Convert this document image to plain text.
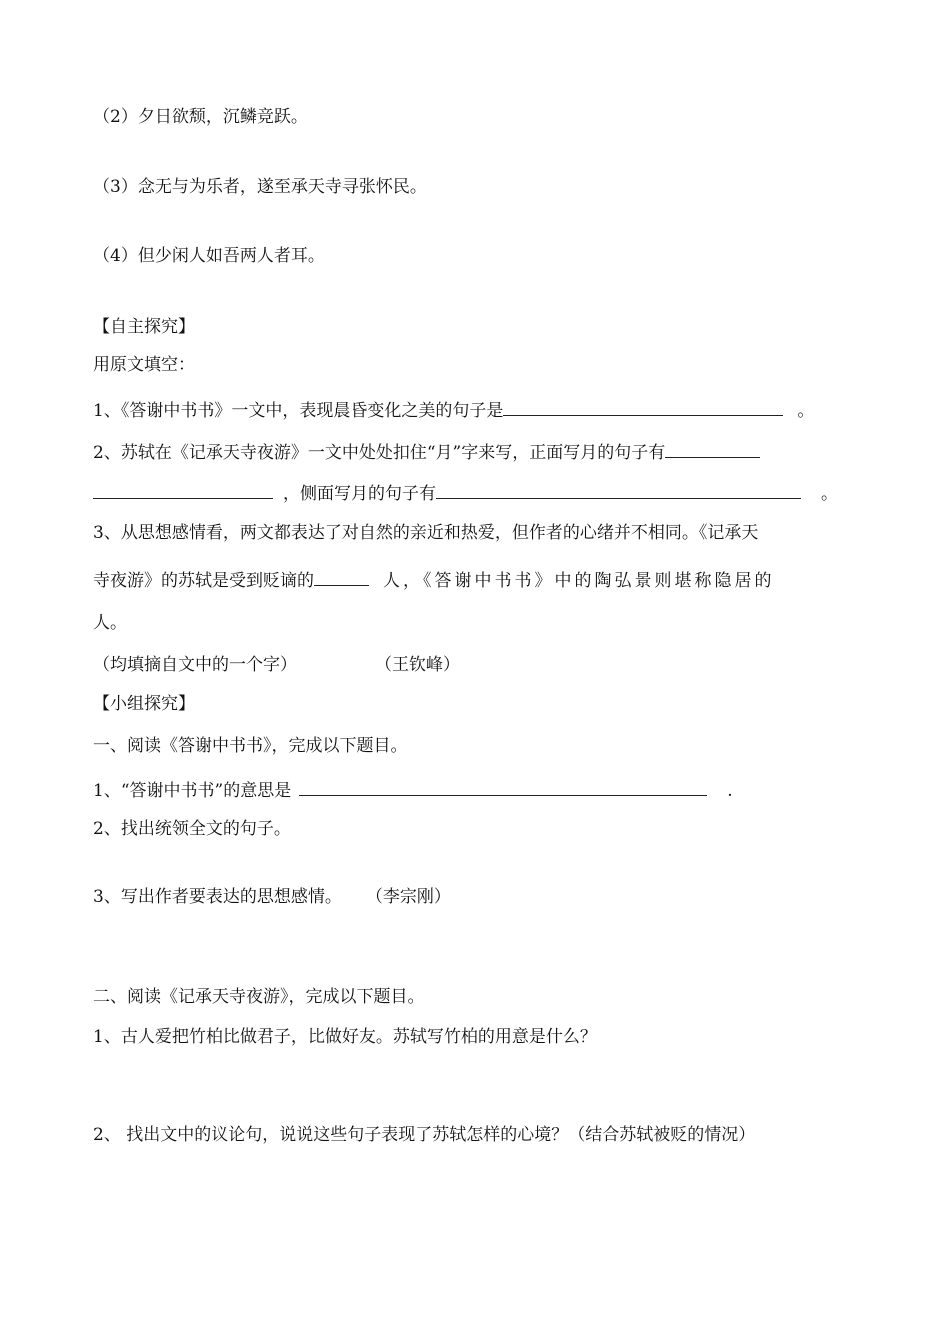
（2）夕日欲颓，沉鳞竞跃。
（3）念无与为乐者，遂至承天寺寻张怀民。
（4）但少闲人如吾两人者耳。
【自主探究】
用原文填空：
1、《答谢中书书》一文中，表现晨昏变化之美的句子是	。
2、苏轼在《记承天寺夜游》一文中处处扣住“月”字来写，正面写月的句子有
，侧面写月的句子有	。
3、从思想感情看，两文都表达了对自然的亲近和热爱，但作者的心绪并不相同。《记承天
寺夜游》的苏轼是受到贬谪的	人，《答谢中书书》中的陶弘景则堪称隐居的
人。
（均填摘自文中的一个字）	（王钦峰）
【小组探究】
一、阅读《答谢中书书》，完成以下题目。
1、“答谢中书书”的意思是	.
2、找出统领全文的句子。
3、写出作者要表达的思想感情。 （李宗刚）
二、阅读《记承天寺夜游》，完成以下题目。
1、古人爱把竹柏比做君子，比做好友。苏轼写竹柏的用意是什么？
2、 找出文中的议论句，说说这些句子表现了苏轼怎样的心境？（结合苏轼被贬的情况）
